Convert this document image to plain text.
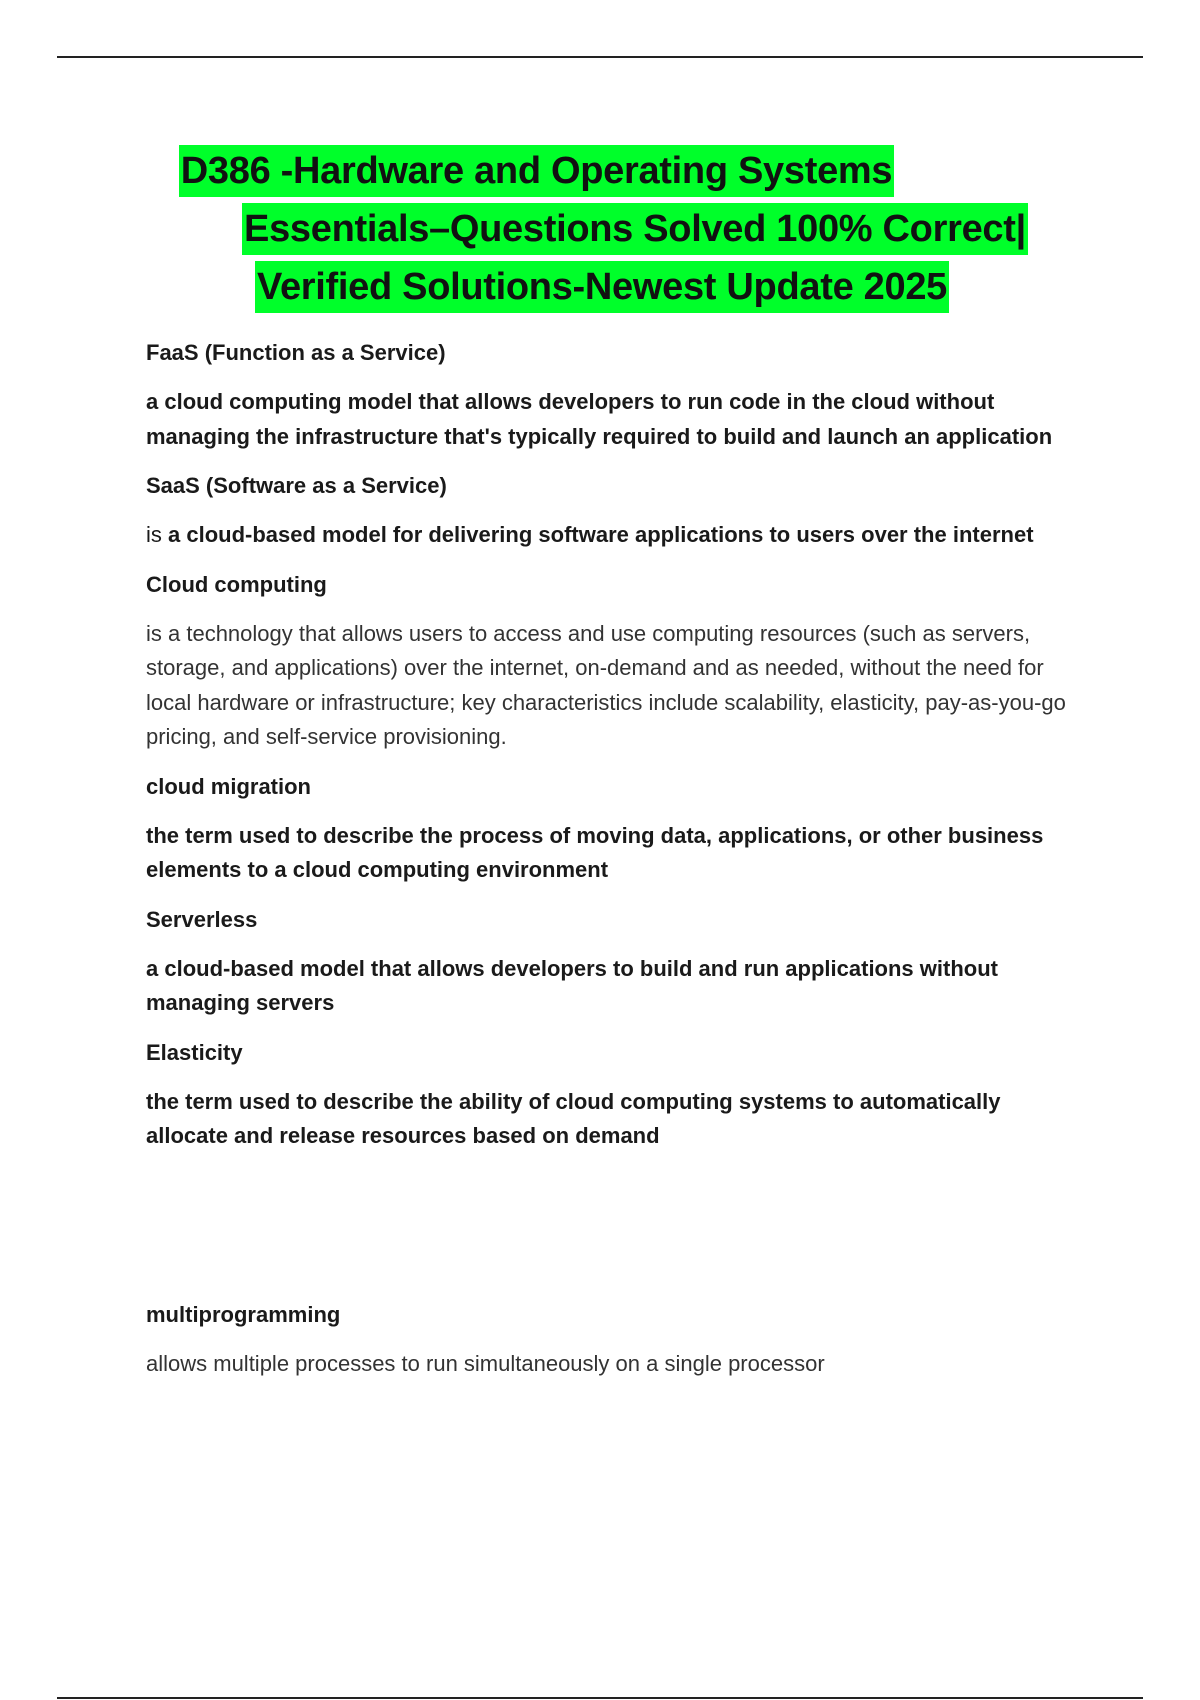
D386 -Hardware and Operating Systems
Essentials–Questions Solved 100% Correct|
Verified Solutions-Newest Update 2025

FaaS (Function as a Service)

a cloud computing model that allows developers to run code in the cloud without managing the infrastructure that's typically required to build and launch an application

SaaS (Software as a Service)

is a cloud-based model for delivering software applications to users over the internet

Cloud computing

is a technology that allows users to access and use computing resources (such as servers, storage, and applications) over the internet, on-demand and as needed, without the need for local hardware or infrastructure; key characteristics include scalability, elasticity, pay-as-you-go pricing, and self-service provisioning.

cloud migration

the term used to describe the process of moving data, applications, or other business elements to a cloud computing environment

Serverless

a cloud-based model that allows developers to build and run applications without managing servers

Elasticity

the term used to describe the ability of cloud computing systems to automatically allocate and release resources based on demand

multiprogramming

allows multiple processes to run simultaneously on a single processor
